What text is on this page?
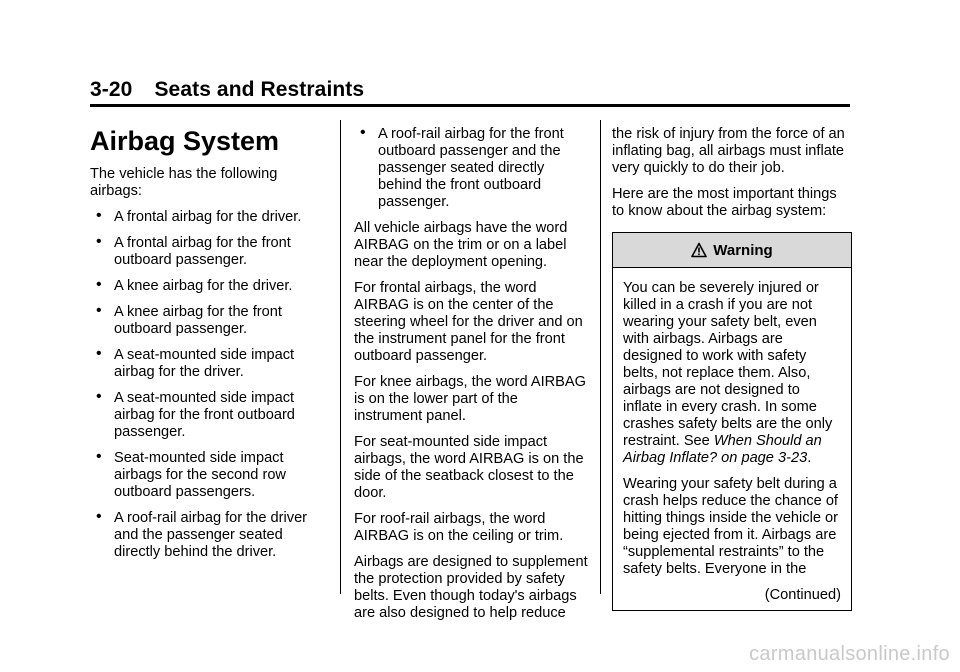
3-20 Seats and Restraints
Airbag System

The vehicle has the following airbags:

• A frontal airbag for the driver.
• A frontal airbag for the front outboard passenger.
• A knee airbag for the driver.
• A knee airbag for the front outboard passenger.
• A seat-mounted side impact airbag for the driver.
• A seat-mounted side impact airbag for the front outboard passenger.
• Seat-mounted side impact airbags for the second row outboard passengers.
• A roof-rail airbag for the driver and the passenger seated directly behind the driver.
• A roof-rail airbag for the front outboard passenger and the passenger seated directly behind the front outboard passenger.

All vehicle airbags have the word AIRBAG on the trim or on a label near the deployment opening.

For frontal airbags, the word AIRBAG is on the center of the steering wheel for the driver and on the instrument panel for the front outboard passenger.

For knee airbags, the word AIRBAG is on the lower part of the instrument panel.

For seat-mounted side impact airbags, the word AIRBAG is on the side of the seatback closest to the door.

For roof-rail airbags, the word AIRBAG is on the ceiling or trim.

Airbags are designed to supplement the protection provided by safety belts. Even though today's airbags are also designed to help reduce

the risk of injury from the force of an inflating bag, all airbags must inflate very quickly to do their job.

Here are the most important things to know about the airbag system:

Warning

You can be severely injured or killed in a crash if you are not wearing your safety belt, even with airbags. Airbags are designed to work with safety belts, not replace them. Also, airbags are not designed to inflate in every crash. In some crashes safety belts are the only restraint. See When Should an Airbag Inflate? on page 3-23.

Wearing your safety belt during a crash helps reduce the chance of hitting things inside the vehicle or being ejected from it. Airbags are “supplemental restraints” to the safety belts. Everyone in the

(Continued)
carmanualsonline.info
